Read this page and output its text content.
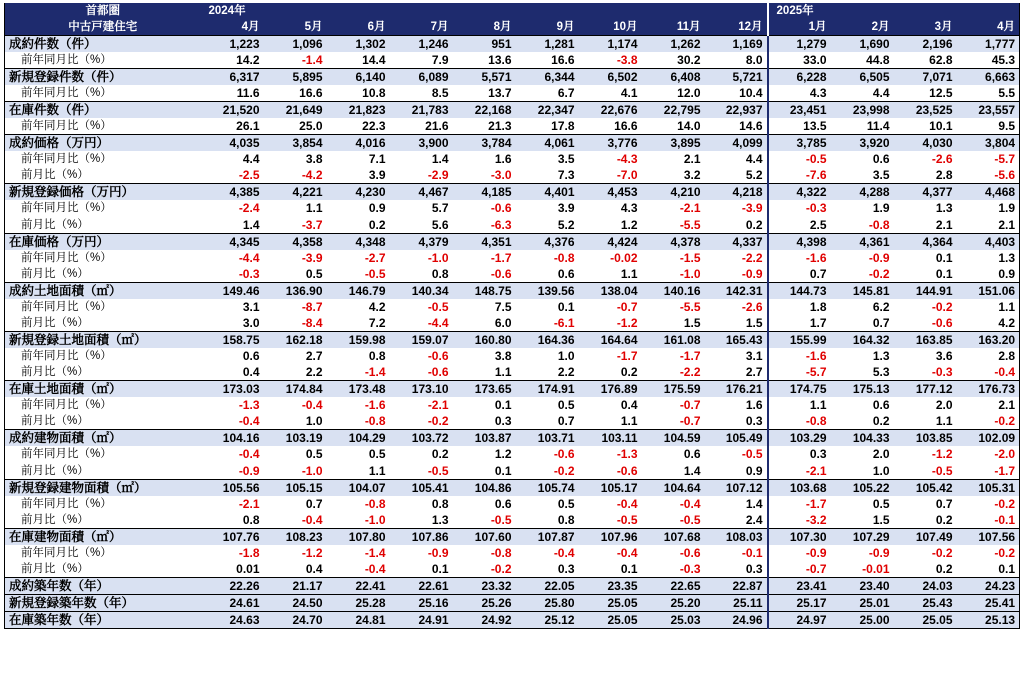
首都圏	2024年									2025年			
中古戸建住宅	4月	5月	6月	7月	8月	9月	10月	11月	12月	1月	2月	3月	4月
成約件数（件）	1,223	1,096	1,302	1,246	951	1,281	1,174	1,262	1,169	1,279	1,690	2,196	1,777
前年同月比（%）	14.2	-1.4	14.4	7.9	13.6	16.6	-3.8	30.2	8.0	33.0	44.8	62.8	45.3
新規登録件数（件）	6,317	5,895	6,140	6,089	5,571	6,344	6,502	6,408	5,721	6,228	6,505	7,071	6,663
前年同月比（%）	11.6	16.6	10.8	8.5	13.7	6.7	4.1	12.0	10.4	4.3	4.4	12.5	5.5
在庫件数（件）	21,520	21,649	21,823	21,783	22,168	22,347	22,676	22,795	22,937	23,451	23,998	23,525	23,557
前年同月比（%）	26.1	25.0	22.3	21.6	21.3	17.8	16.6	14.0	14.6	13.5	11.4	10.1	9.5
成約価格（万円）	4,035	3,854	4,016	3,900	3,784	4,061	3,776	3,895	4,099	3,785	3,920	4,030	3,804
前年同月比（%）	4.4	3.8	7.1	1.4	1.6	3.5	-4.3	2.1	4.4	-0.5	0.6	-2.6	-5.7
前月比（%）	-2.5	-4.2	3.9	-2.9	-3.0	7.3	-7.0	3.2	5.2	-7.6	3.5	2.8	-5.6
新規登録価格（万円）	4,385	4,221	4,230	4,467	4,185	4,401	4,453	4,210	4,218	4,322	4,288	4,377	4,468
前年同月比（%）	-2.4	1.1	0.9	5.7	-0.6	3.9	4.3	-2.1	-3.9	-0.3	1.9	1.3	1.9
前月比（%）	1.4	-3.7	0.2	5.6	-6.3	5.2	1.2	-5.5	0.2	2.5	-0.8	2.1	2.1
在庫価格（万円）	4,345	4,358	4,348	4,379	4,351	4,376	4,424	4,378	4,337	4,398	4,361	4,364	4,403
前年同月比（%）	-4.4	-3.9	-2.7	-1.0	-1.7	-0.8	-0.02	-1.5	-2.2	-1.6	-0.9	0.1	1.3
前月比（%）	-0.3	0.5	-0.5	0.8	-0.6	0.6	1.1	-1.0	-0.9	0.7	-0.2	0.1	0.9
成約土地面積（㎡）	149.46	136.90	146.79	140.34	148.75	139.56	138.04	140.16	142.31	144.73	145.81	144.91	151.06
前年同月比（%）	3.1	-8.7	4.2	-0.5	7.5	0.1	-0.7	-5.5	-2.6	1.8	6.2	-0.2	1.1
前月比（%）	3.0	-8.4	7.2	-4.4	6.0	-6.1	-1.2	1.5	1.5	1.7	0.7	-0.6	4.2
新規登録土地面積（㎡）	158.75	162.18	159.98	159.07	160.80	164.36	164.64	161.08	165.43	155.99	164.32	163.85	163.20
前年同月比（%）	0.6	2.7	0.8	-0.6	3.8	1.0	-1.7	-1.7	3.1	-1.6	1.3	3.6	2.8
前月比（%）	0.4	2.2	-1.4	-0.6	1.1	2.2	0.2	-2.2	2.7	-5.7	5.3	-0.3	-0.4
在庫土地面積（㎡）	173.03	174.84	173.48	173.10	173.65	174.91	176.89	175.59	176.21	174.75	175.13	177.12	176.73
前年同月比（%）	-1.3	-0.4	-1.6	-2.1	0.1	0.5	0.4	-0.7	1.6	1.1	0.6	2.0	2.1
前月比（%）	-0.4	1.0	-0.8	-0.2	0.3	0.7	1.1	-0.7	0.3	-0.8	0.2	1.1	-0.2
成約建物面積（㎡）	104.16	103.19	104.29	103.72	103.87	103.71	103.11	104.59	105.49	103.29	104.33	103.85	102.09
前年同月比（%）	-0.4	0.5	0.5	0.2	1.2	-0.6	-1.3	0.6	-0.5	0.3	2.0	-1.2	-2.0
前月比（%）	-0.9	-1.0	1.1	-0.5	0.1	-0.2	-0.6	1.4	0.9	-2.1	1.0	-0.5	-1.7
新規登録建物面積（㎡）	105.56	105.15	104.07	105.41	104.86	105.74	105.17	104.64	107.12	103.68	105.22	105.42	105.31
前年同月比（%）	-2.1	0.7	-0.8	0.8	0.6	0.5	-0.4	-0.4	1.4	-1.7	0.5	0.7	-0.2
前月比（%）	0.8	-0.4	-1.0	1.3	-0.5	0.8	-0.5	-0.5	2.4	-3.2	1.5	0.2	-0.1
在庫建物面積（㎡）	107.76	108.23	107.80	107.86	107.60	107.87	107.96	107.68	108.03	107.30	107.29	107.49	107.56
前年同月比（%）	-1.8	-1.2	-1.4	-0.9	-0.8	-0.4	-0.4	-0.6	-0.1	-0.9	-0.9	-0.2	-0.2
前月比（%）	0.01	0.4	-0.4	0.1	-0.2	0.3	0.1	-0.3	0.3	-0.7	-0.01	0.2	0.1
成約築年数（年）	22.26	21.17	22.41	22.61	23.32	22.05	23.35	22.65	22.87	23.41	23.40	24.03	24.23
新規登録築年数（年）	24.61	24.50	25.28	25.16	25.26	25.80	25.05	25.20	25.11	25.17	25.01	25.43	25.41
在庫築年数（年）	24.63	24.70	24.81	24.91	24.92	25.12	25.05	25.03	24.96	24.97	25.00	25.05	25.13
